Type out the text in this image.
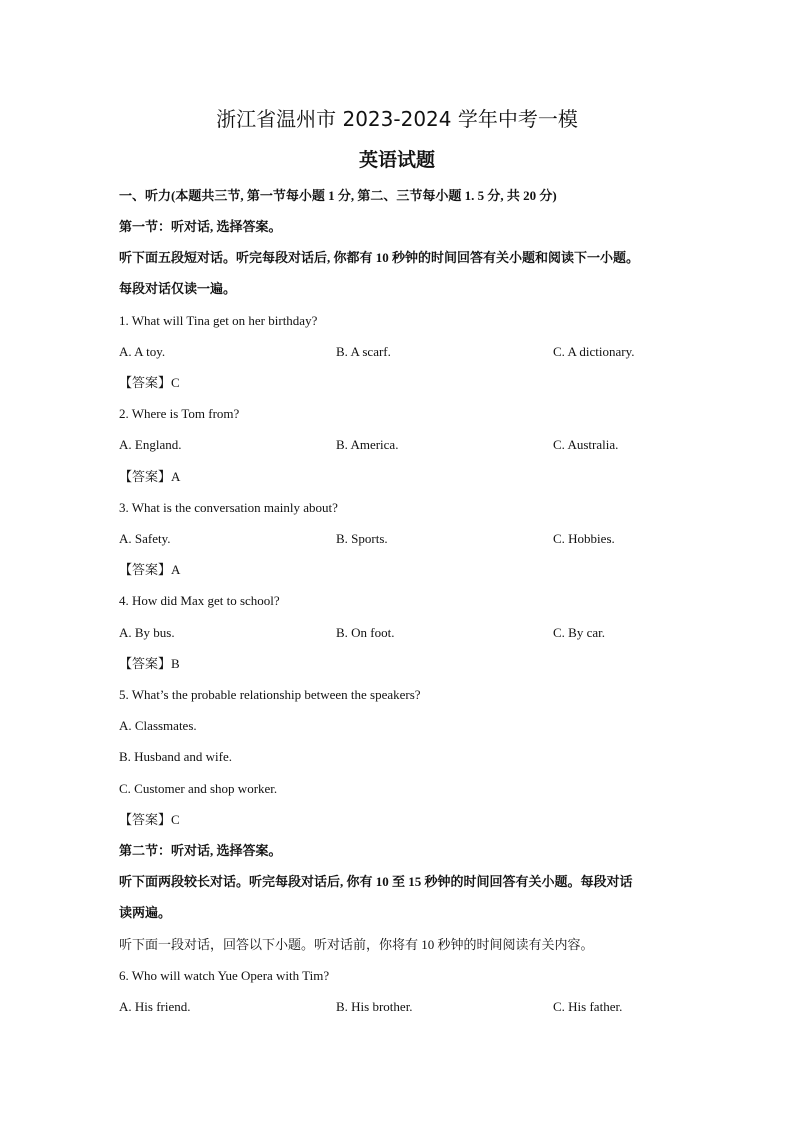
浙江省温州市 2023-2024 学年中考一模
英语试题
一、听力(本题共三节, 第一节每小题 1 分, 第二、三节每小题 1. 5 分, 共 20 分)
第一节：听对话, 选择答案。
听下面五段短对话。听完每段对话后, 你都有 10 秒钟的时间回答有关小题和阅读下一小题。
每段对话仅读一遍。
1. What will Tina get on her birthday?
A. A toy.	B. A scarf.	C. A dictionary.
【答案】C
2. Where is Tom from?
A. England.	B. America.	C. Australia.
【答案】A
3. What is the conversation mainly about?
A. Safety.	B. Sports.	C. Hobbies.
【答案】A
4. How did Max get to school?
A. By bus.	B. On foot.	C. By car.
【答案】B
5. What’s the probable relationship between the speakers?
A. Classmates.
B. Husband and wife.
C. Customer and shop worker.
【答案】C
第二节：听对话, 选择答案。
听下面两段较长对话。听完每段对话后, 你有 10 至 15 秒钟的时间回答有关小题。每段对话
读两遍。
听下面一段对话，回答以下小题。听对话前，你将有 10 秒钟的时间阅读有关内容。
6. Who will watch Yue Opera with Tim?
A. His friend.	B. His brother.	C. His father.
